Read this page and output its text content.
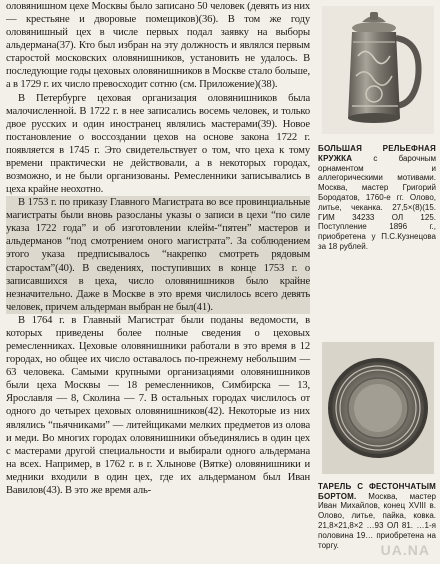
оловянишном цехе Москвы было записано 50 человек (девять из них — крестьяне и дворовые помещиков)(36). В том же году оловянишный цех в числе первых подал заявку на выборы альдермана(37). Кто был избран на эту должность и являлся первым старостой московских оловянишников, установить не удалось. В последующие годы цеховых оловянишников в Москве стало больше, а в 1729 г. их число превосходит сотню (см. Приложение)(38).

В Петербурге цеховая организация оловянишников была малочисленной. В 1722 г. в нее записались восемь человек, и только двое русских и один иностранец являлись мастерами(39). Новое постановление о воссоздании цехов на основе закона 1722 г. появляется в 1745 г. Это свидетельствует о том, что цеха к тому времени практически не действовали, а в некоторых городах, возможно, и не были организованы. Ремесленники записывались в цеха крайне неохотно.

В 1753 г. по приказу Главного Магистрата во все провинциальные магистраты были вновь разосланы указы о записи в цехи “по силе указа 1722 года” и об изготовлении клейм-“пятен” мастеров и альдерманов “под смотрением оного магистрата”. За соблюдением этого указа предписывалось “накрепко смотреть рядовым старостам”(40). В сведениях, поступивших в конце 1753 г. о записавшихся в цеха, число оловянишников было крайне незначительно. Даже в Москве в это время числилось всего девять человек, причем альдерман выбран не был(41).

В 1764 г. в Главный Магистрат были поданы ведомости, в которых приведены более полные сведения о цеховых ремесленниках. Цеховые оловянишники работали в это время в 12 городах, но общее их число оставалось по-прежнему небольшим — 63 человека. Самыми крупными организациями оловянишников были цеха Москвы — 18 ремесленников, Симбирска — 13, Ярославля — 8, Сколина — 7. В остальных городах числилось от одного до четырех цеховых оловянишников(42). Некоторые из них являлись “пьячниками” — литейщиками мелких предметов из олова и меди. Во многих городах оловянишники объединялись в один цех с мастерами другой специальности и выбирали одного альдермана на всех. Например, в 1762 г. в г. Хлынове (Вятке) оловянишники и медники входили в один цех, где их альдерманом был Иван Вавилов(43). В это же время аль-

БОЛЬШАЯ РЕЛЬЕФНАЯ КРУЖКА	с барочным орнаментом и аллегорическими мотивами. Москва, мастер Григорий Бородатов, 1760-е гг. Олово, литье, чеканка. 27,5×(8)(15. ГИМ 34233 ОЛ 125. Поступление 1896 г., приобретена у П.С.Кузнецова за 18 рублей.
ТАРЕЛЬ С ФЕСТОНЧАТЫМ БОРТОМ. Москва, мастер Иван Михайлов, конец XVIII в. Олово, литье, пайка, ковка. 21,8×21,8×2 …93 ОЛ 81. …1-я половина 19… приобретена на торгу.	UA.NA
